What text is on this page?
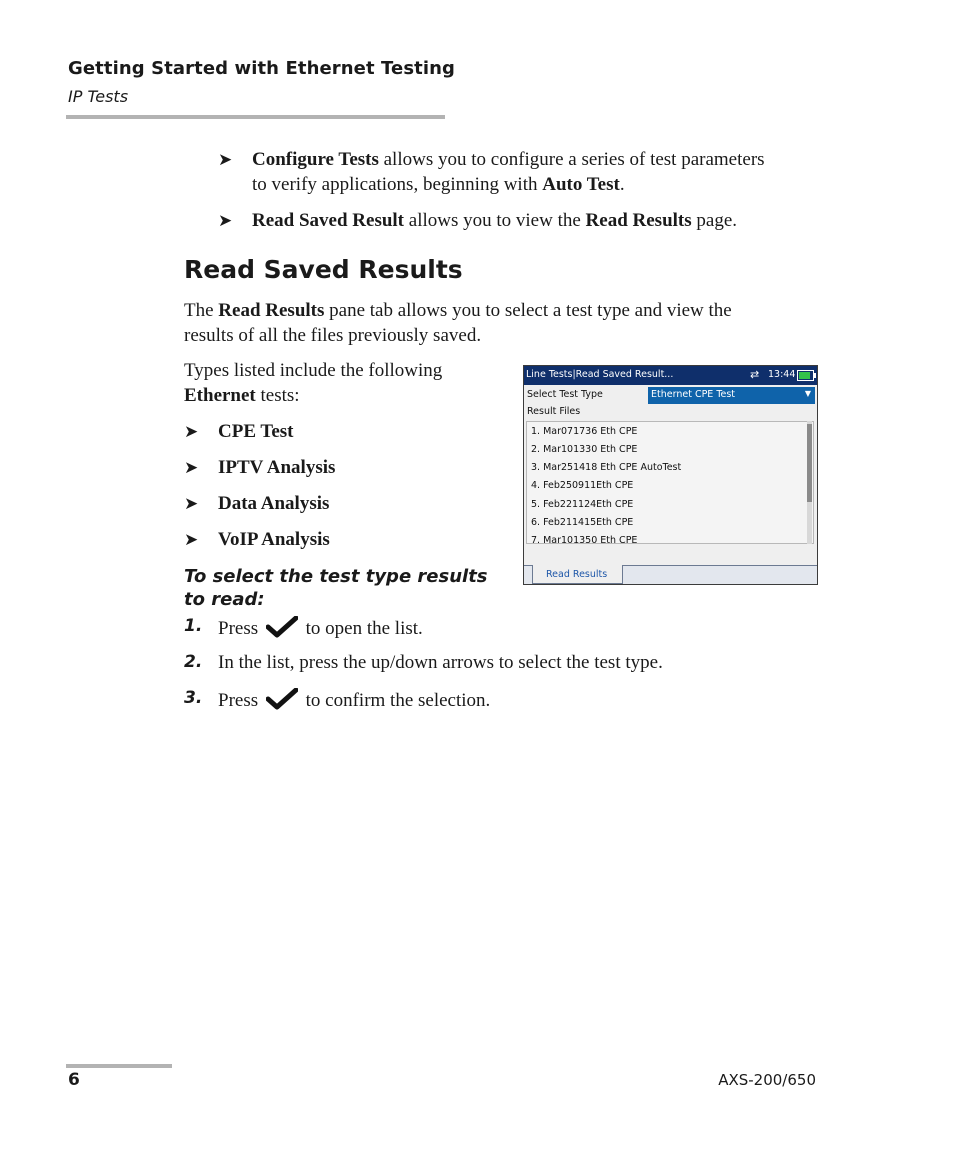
Getting Started with Ethernet Testing
IP Tests
➤ Configure Tests allows you to configure a series of test parameters
to verify applications, beginning with Auto Test.
➤ Read Saved Result allows you to view the Read Results page.
Read Saved Results
The Read Results pane tab allows you to select a test type and view the
results of all the files previously saved.
Types listed include the following
Ethernet tests:
➤ CPE Test
➤ IPTV Analysis
➤ Data Analysis
➤ VoIP Analysis
To select the test type results to read:
1. Press	to open the list.
2. In the list, press the up/down arrows to select the test type.
3. Press	to confirm the selection.
Line Tests|Read Saved Result...	⇄ 13:44
Select Test Type	Ethernet CPE Test	▼
Result Files
1. Mar071736 Eth CPE
2. Mar101330 Eth CPE
3. Mar251418 Eth CPE AutoTest
4. Feb250911Eth CPE
5. Feb221124Eth CPE
6. Feb211415Eth CPE
7. Mar101350 Eth CPE
Read Results
6	AXS-200/650
